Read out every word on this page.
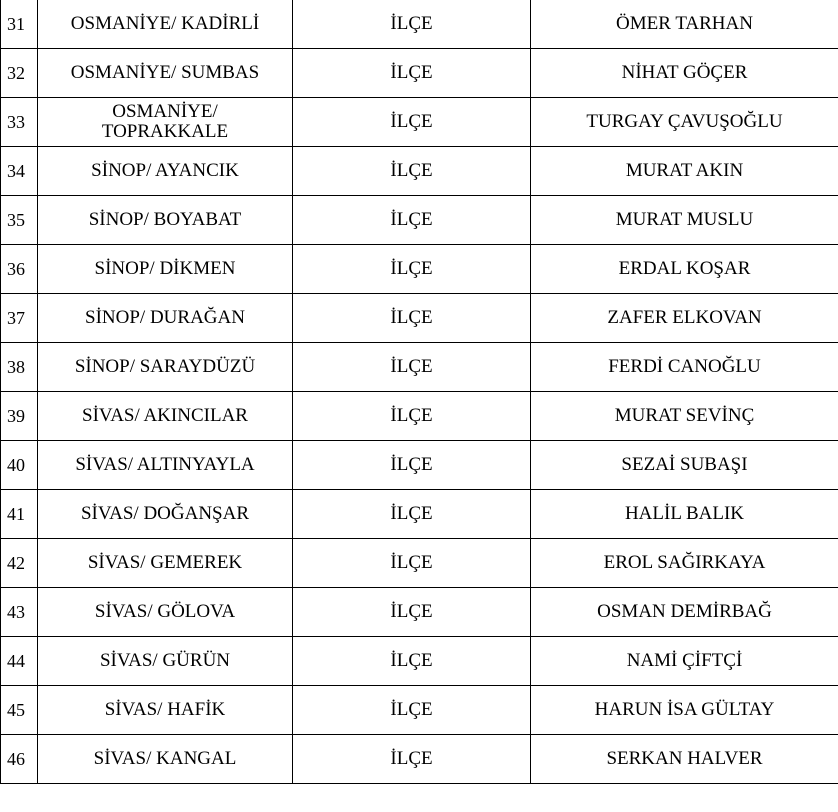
31	OSMANİYE/ KADİRLİ	İLÇE	ÖMER TARHAN
32	OSMANİYE/ SUMBAS	İLÇE	NİHAT GÖÇER
33	OSMANİYE/ TOPRAKKALE	İLÇE	TURGAY ÇAVUŞOĞLU
34	SİNOP/ AYANCIK	İLÇE	MURAT AKIN
35	SİNOP/ BOYABAT	İLÇE	MURAT MUSLU
36	SİNOP/ DİKMEN	İLÇE	ERDAL KOŞAR
37	SİNOP/ DURAĞAN	İLÇE	ZAFER ELKOVAN
38	SİNOP/ SARAYDÜZÜ	İLÇE	FERDİ CANOĞLU
39	SİVAS/ AKINCILAR	İLÇE	MURAT SEVİNÇ
40	SİVAS/ ALTINYAYLA	İLÇE	SEZAİ SUBAŞI
41	SİVAS/ DOĞANŞAR	İLÇE	HALİL BALIK
42	SİVAS/ GEMEREK	İLÇE	EROL SAĞIRKAYA
43	SİVAS/ GÖLOVA	İLÇE	OSMAN DEMİRBAĞ
44	SİVAS/ GÜRÜN	İLÇE	NAMİ ÇİFTÇİ
45	SİVAS/ HAFİK	İLÇE	HARUN İSA GÜLTAY
46	SİVAS/ KANGAL	İLÇE	SERKAN HALVER
